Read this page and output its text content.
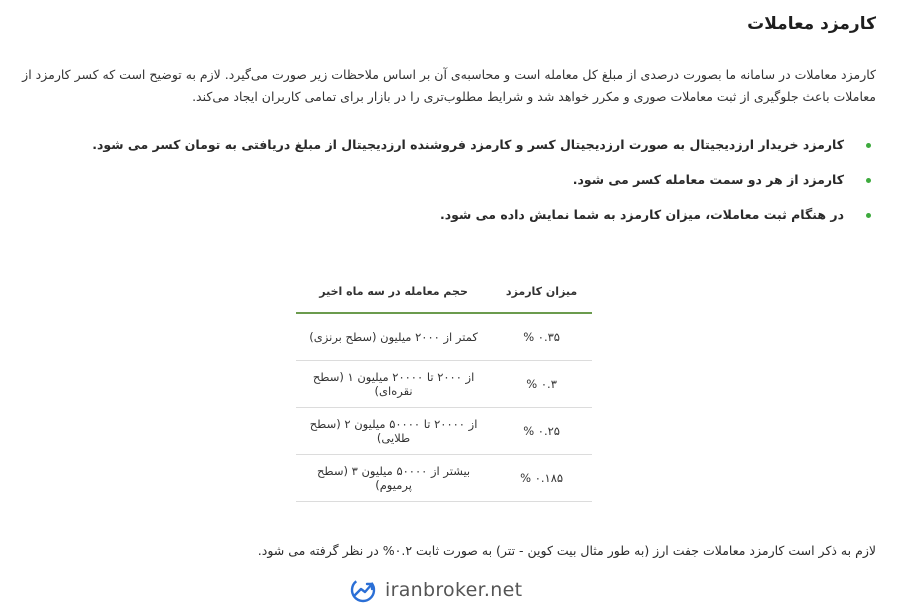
کارمزد معاملات

کارمزد معاملات در سامانه ما بصورت درصدی از مبلغ کل معامله است و محاسبه‌ی آن بر اساس ملاحظات زیر صورت می‌گیرد. لازم به توضیح است که کسر کارمزد از معاملات باعث جلوگیری از ثبت معاملات صوری و مکرر خواهد شد و شرایط مطلوب‌تری را در بازار برای تمامی کاربران ایجاد می‌کند.

کارمزد خریدار ارزدیجیتال به صورت ارزدیجیتال کسر و کارمزد فروشنده ارزدیجیتال از مبلغ دریافتی به تومان کسر می شود.
کارمزد از هر دو سمت معامله کسر می شود.
در هنگام ثبت معاملات، میزان کارمزد به شما نمایش داده می شود.
میزان کارمزد	حجم معامله در سه ماه اخیر
۰.۳۵ %	کمتر از ۲۰۰۰ میلیون (سطح برنزی)
۰.۳ %	از ۲۰۰۰ تا ۲۰۰۰۰ میلیون ۱ (سطح نقره‌ای)
۰.۲۵ %	از ۲۰۰۰۰ تا ۵۰۰۰۰ میلیون ۲ (سطح طلایی)
۰.۱۸۵ %	بیشتر از ۵۰۰۰۰ میلیون ۳ (سطح پرمیوم)

لازم به ذکر است کارمزد معاملات جفت ارز (به طور مثال بیت کوین - تتر) به صورت ثابت ۰.۲% در نظر گرفته می شود.

iranbroker.net
